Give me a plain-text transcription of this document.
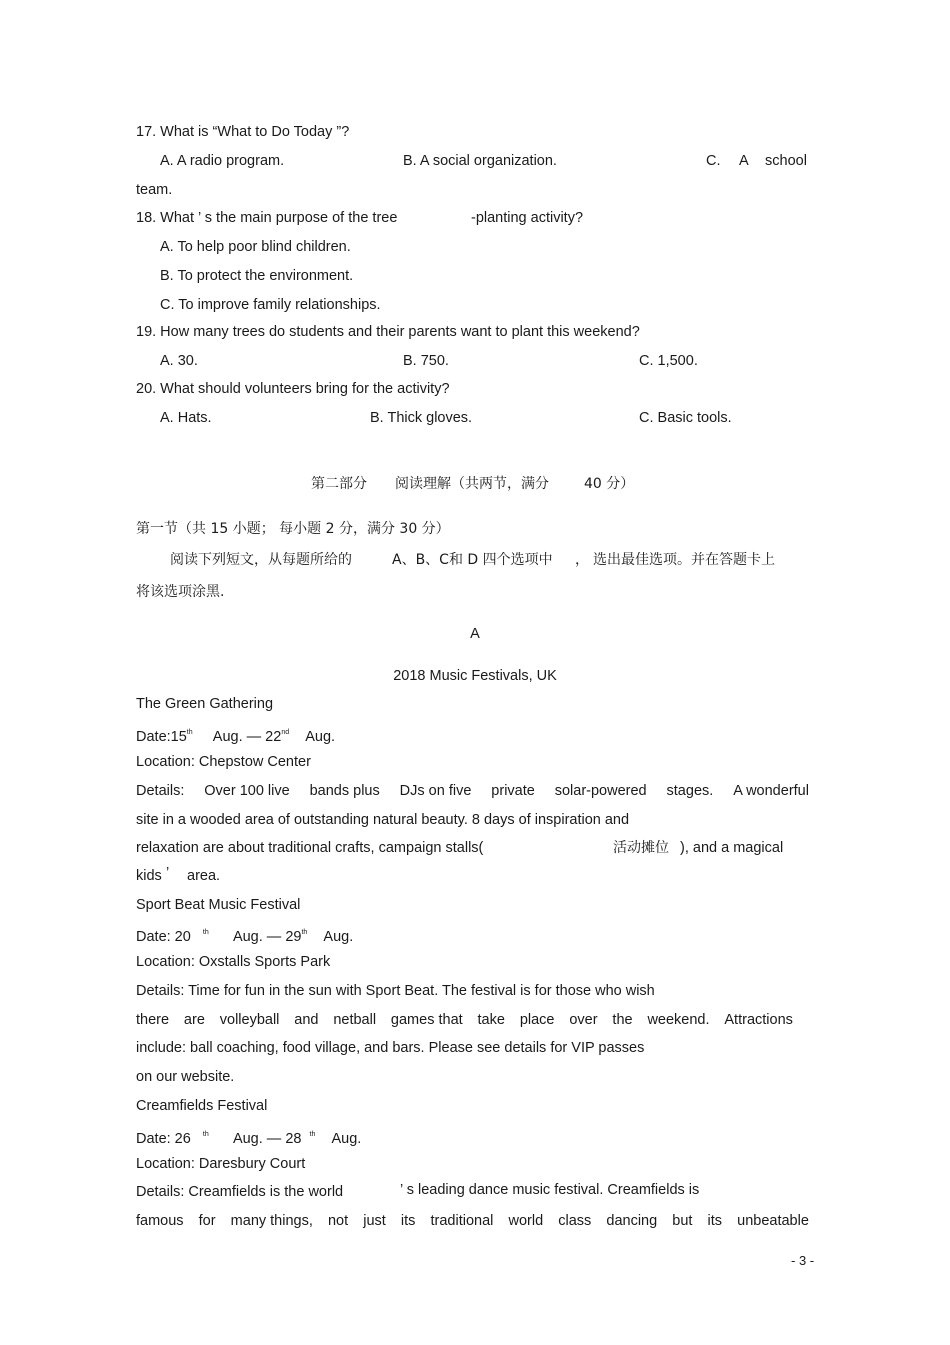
17. What is “What to Do Today ”?
A. A radio program.	B. A social organization.	C. A school
team.
18. What ’ s the main purpose of the tree	-planting activity?
A. To help poor blind children.
B. To protect the environment.
C. To improve family relationships.
19. How many trees do students and their parents want to plant this weekend?
A. 30.	B. 750.	C. 1,500.
20. What should volunteers bring for the activity?
A. Hats.	B. Thick gloves.	C. Basic tools.
第二部分 阅读理解（共两节，满分	40 分）
第一节（共 15 小题； 每小题 2 分，满分 30 分）
阅读下列短文，从每题所给的	A、B、C和 D 四个选项中 ， 选出最佳选项。并在答题卡上
将该选项涂黑.
A
2018 Music Festivals, UK
The Green Gathering
Date:15th Aug. — 22nd Aug.
Location: Chepstow Center
Details: Over 100 live bands plus DJs on five private solar-powered stages. A wonderful
site in a wooded area of outstanding natural beauty. 8 days of inspiration and
relaxation are about traditional crafts, campaign stalls(	活动摊位 ), and a magical
kids ’ area.
Sport Beat Music Festival
Date: 20 $^{th}$ Aug. — 29th Aug.
Location: Oxstalls Sports Park
Details: Time for fun in the sun with Sport Beat. The festival is for those who wish
there are volleyball and netball games that take place over the weekend. Attractions
include: ball coaching, food village, and bars. Please see details for VIP passes
on our website.
Creamfields Festival
Date: 26 $^{th}$ Aug. — 28 $^{th}$ Aug.
Location: Daresbury Court
Details: Creamfields is the world	’ s leading dance music festival. Creamfields is
famous for many things, not just its traditional world class dancing but its unbeatable
- 3 -
